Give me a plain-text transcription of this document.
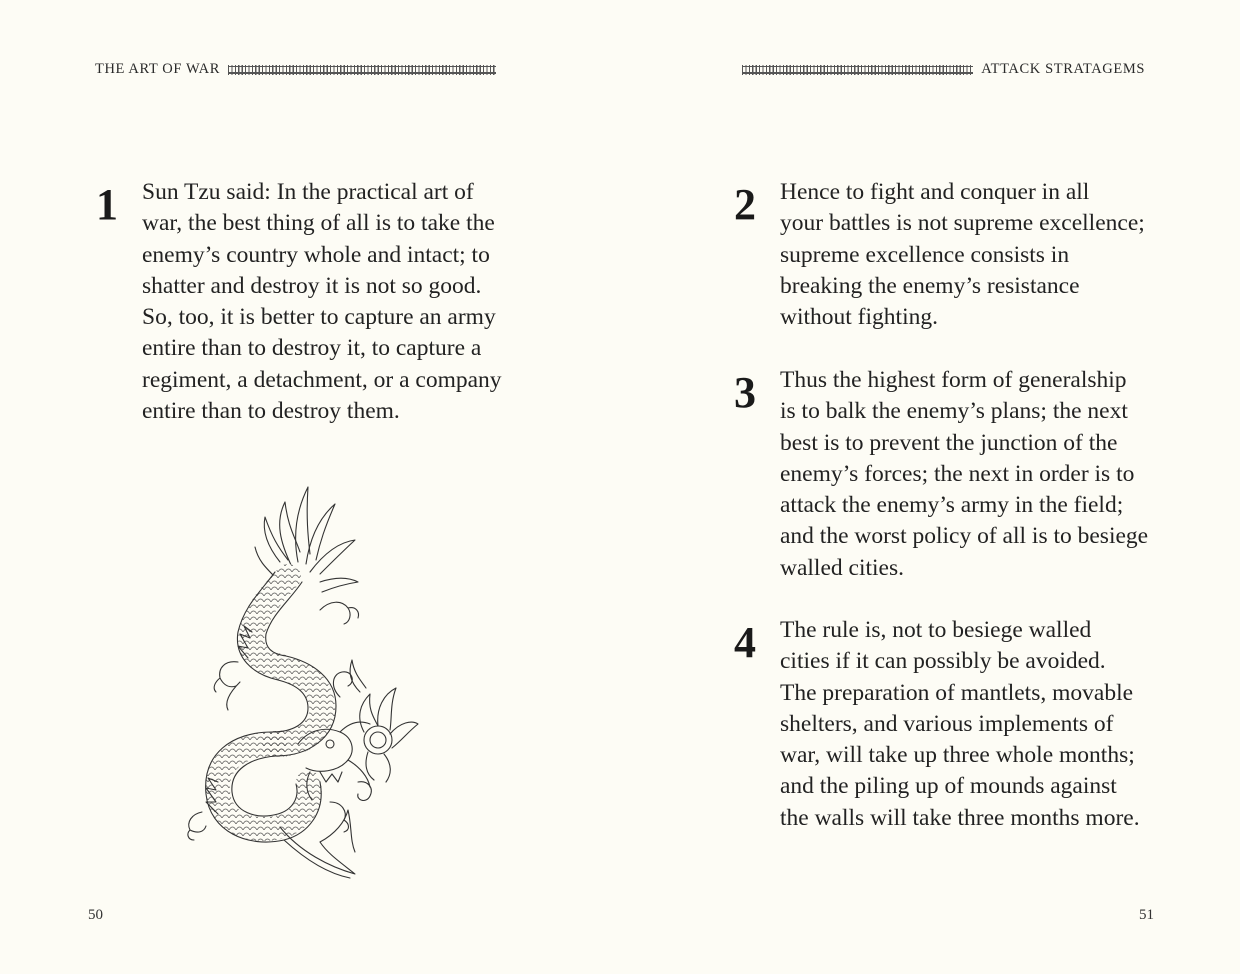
THE ART OF WAR
1	Sun Tzu said: In the practical art of
war, the best thing of all is to take the
enemy’s country whole and intact; to
shatter and destroy it is not so good.
So, too, it is better to capture an army
entire than to destroy it, to capture a
regiment, a detachment, or a company
entire than to destroy them.
50
ATTACK STRATAGEMS
2	Hence to fight and conquer in all
your battles is not supreme excellence;
supreme excellence consists in
breaking the enemy’s resistance
without fighting.
3	Thus the highest form of generalship
is to balk the enemy’s plans; the next
best is to prevent the junction of the
enemy’s forces; the next in order is to
attack the enemy’s army in the field;
and the worst policy of all is to besiege
walled cities.
4	The rule is, not to besiege walled
cities if it can possibly be avoided.
The preparation of mantlets, movable
shelters, and various implements of
war, will take up three whole months;
and the piling up of mounds against
the walls will take three months more.
51
